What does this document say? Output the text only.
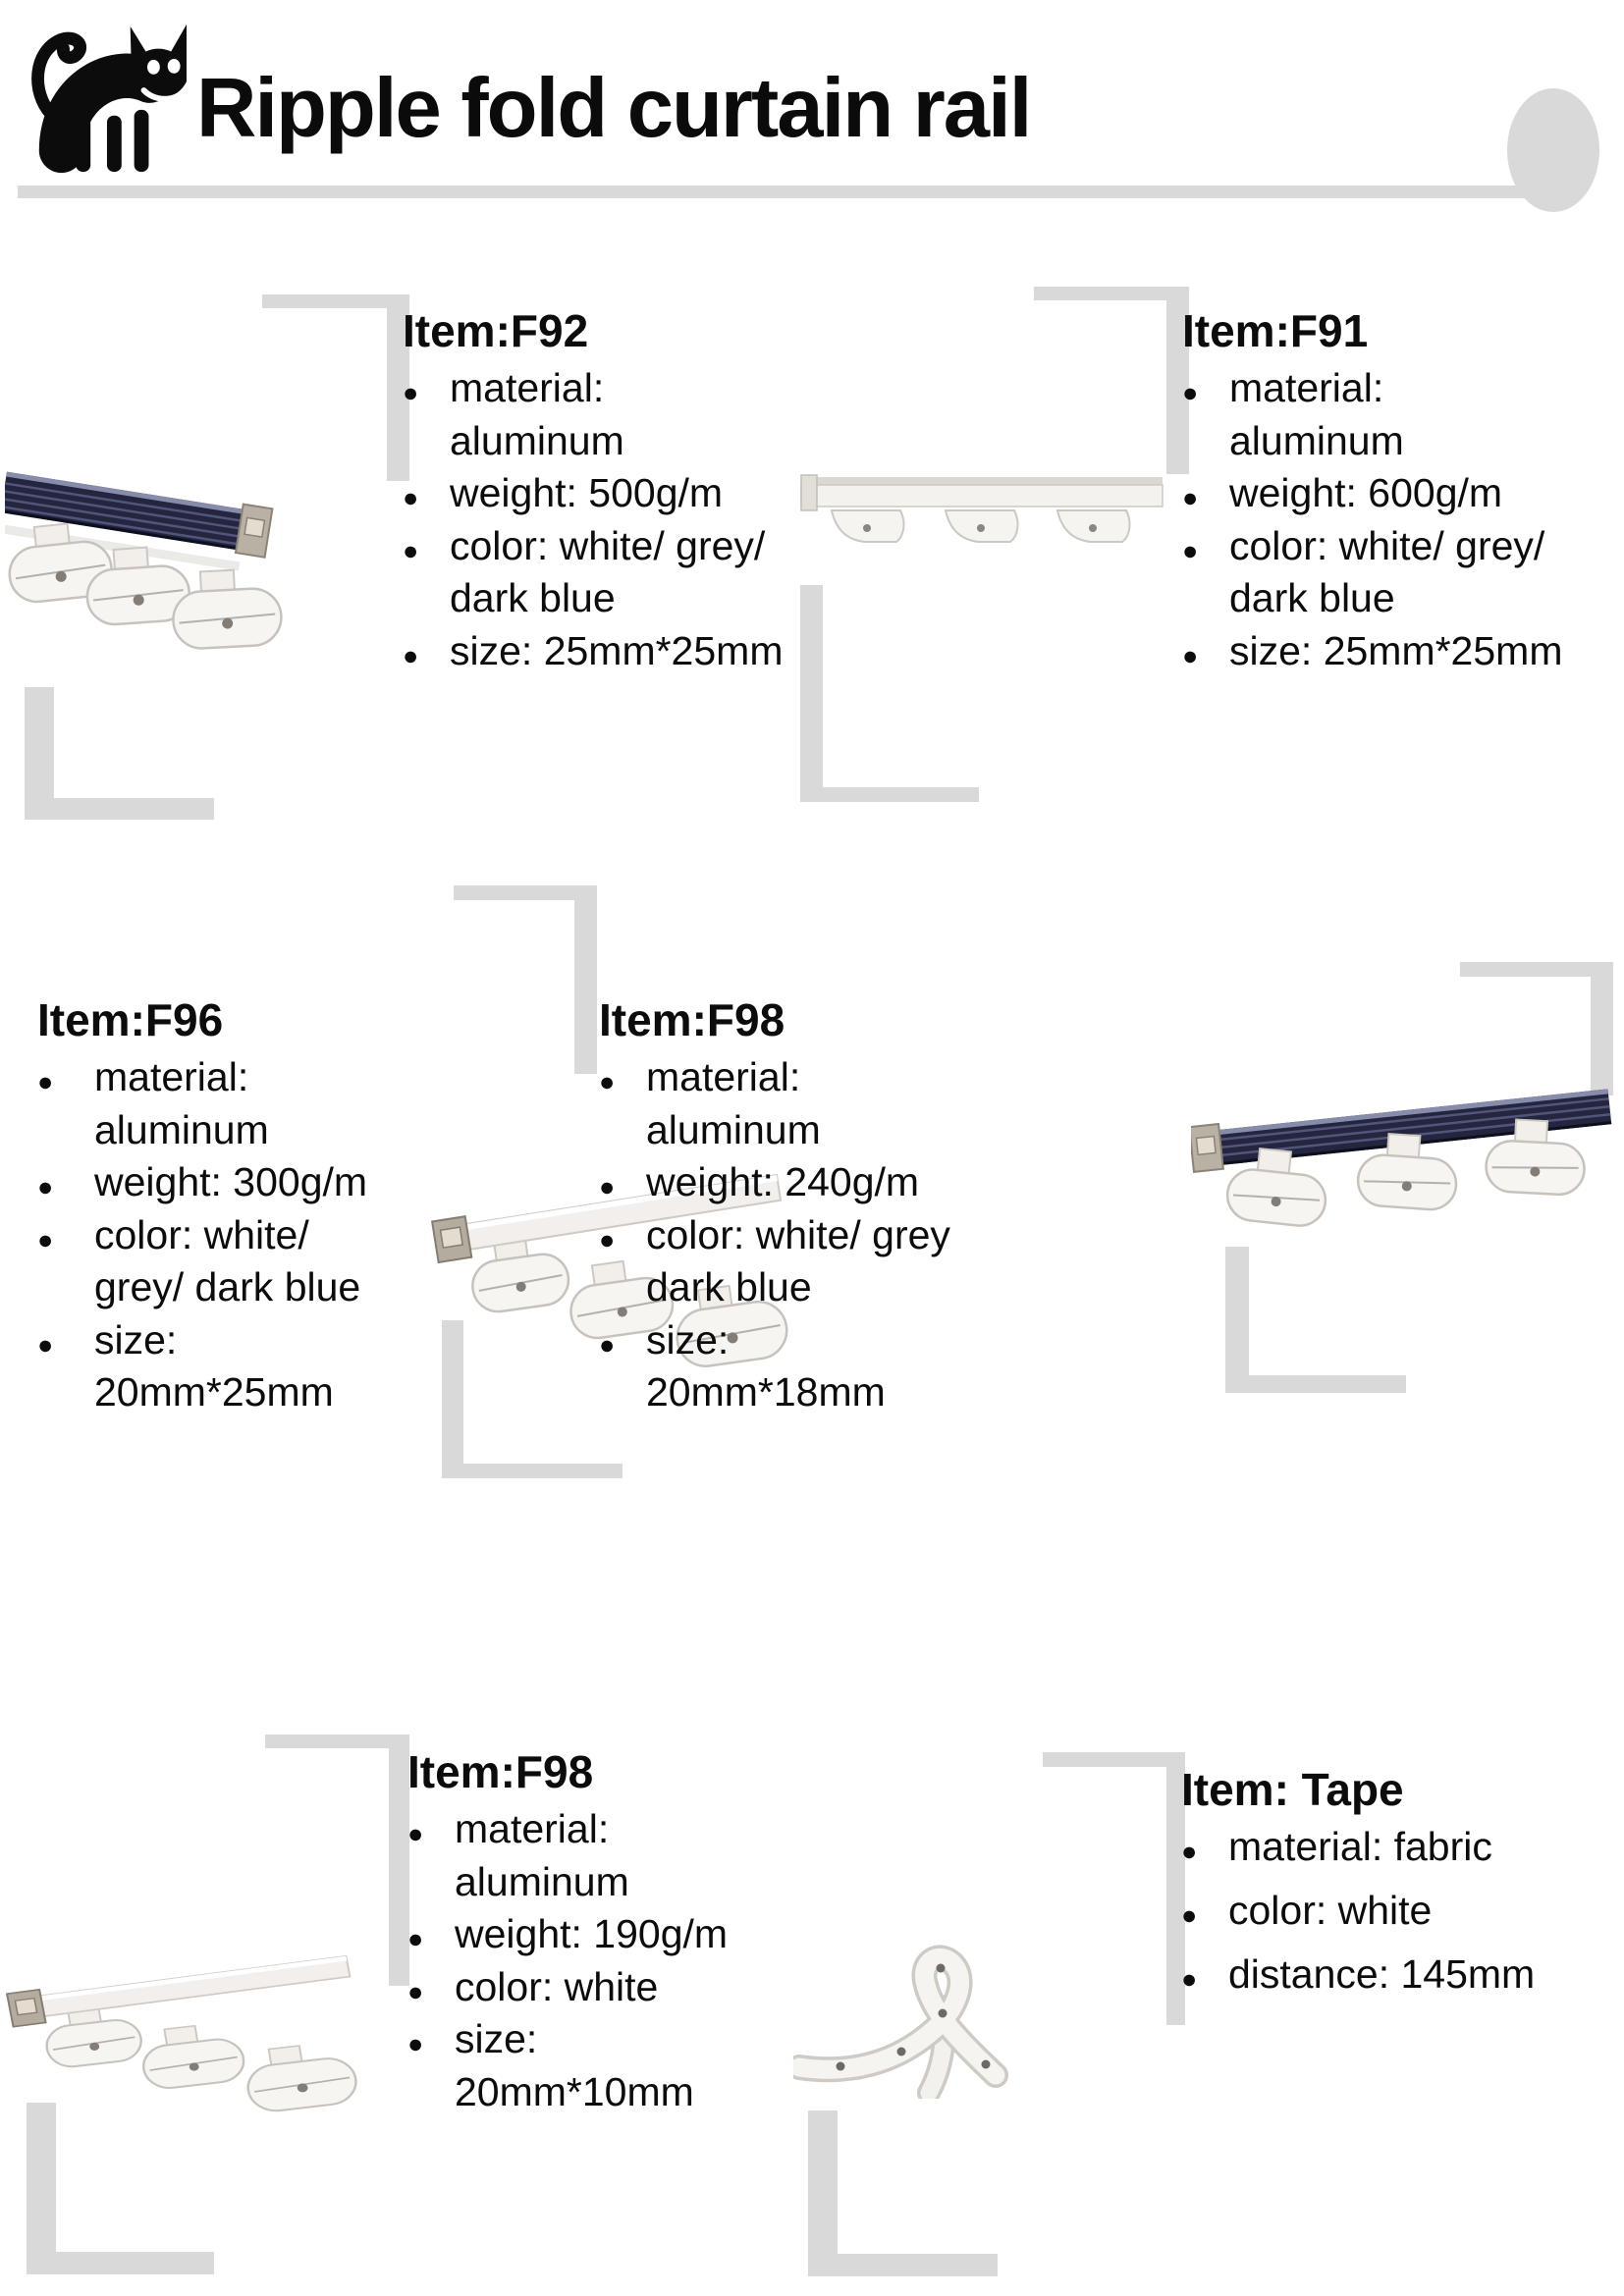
Ripple fold curtain rail
Item:F92
● material:
aluminum
● weight: 500g/m
● color: white/ grey/
dark blue
● size: 25mm*25mm
Item:F91
● material:
aluminum
● weight: 600g/m
● color: white/ grey/
dark blue
● size: 25mm*25mm
Item:F96
●	material:
aluminum
●	weight: 300g/m
●	color: white/
grey/ dark blue
●	size:
20mm*25mm
Item:F98
● material:
aluminum
● weight: 240g/m
● color: white/ grey
dark blue
● size:
20mm*18mm
Item:F98
● material:
aluminum
● weight: 190g/m
● color: white
● size:
20mm*10mm
Item: Tape
● material: fabric
● color: white
● distance: 145mm
